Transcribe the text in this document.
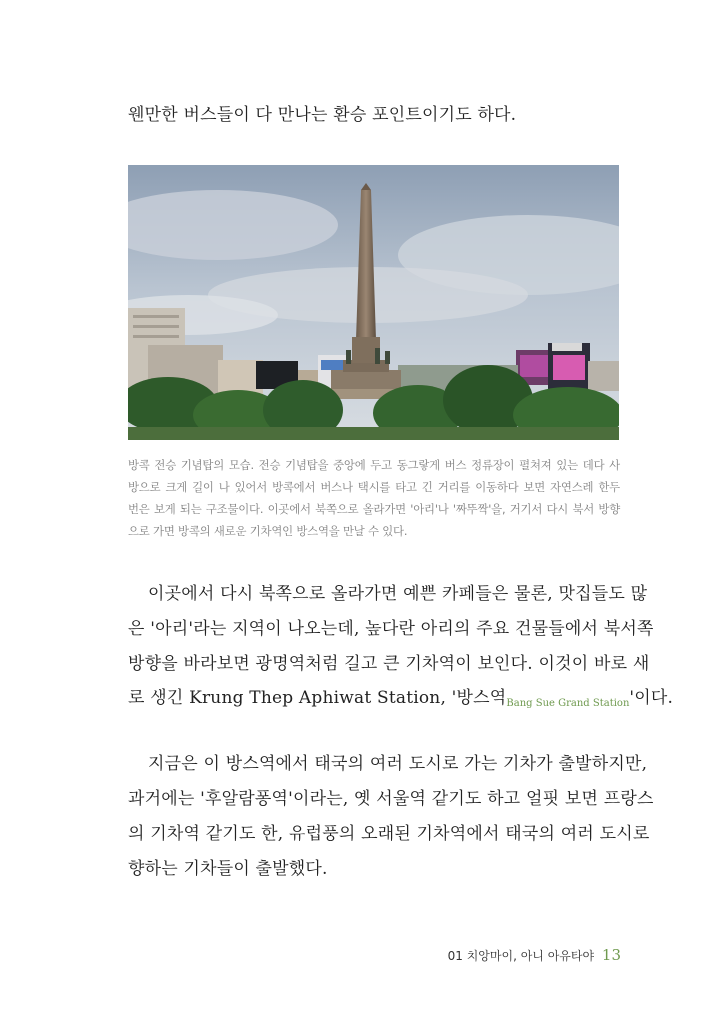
웬만한 버스들이 다 만나는 환승 포인트이기도 하다.

방콕 전승 기념탑의 모습. 전승 기념탑을 중앙에 두고 동그랗게 버스 정류장이 펼쳐져 있는 데다 사

방으로 크게 길이 나 있어서 방콕에서 버스나 택시를 타고 긴 거리를 이동하다 보면 자연스레 한두

번은 보게 되는 구조물이다. 이곳에서 북쪽으로 올라가면 '아리'나 '짜뚜짝'을, 거기서 다시 북서 방향

으로 가면 방콕의 새로운 기차역인 방스역을 만날 수 있다.

이곳에서 다시 북쪽으로 올라가면 예쁜 카페들은 물론, 맛집들도 많

은 '아리'라는 지역이 나오는데, 높다란 아리의 주요 건물들에서 북서쪽

방향을 바라보면 광명역처럼 길고 큰 기차역이 보인다. 이것이 바로 새

로 생긴 Krung Thep Aphiwat Station, '방스역$_{Bang Sue Grand Station}$'이다.

지금은 이 방스역에서 태국의 여러 도시로 가는 기차가 출발하지만,

과거에는 '후알람퐁역'이라는, 옛 서울역 같기도 하고 얼핏 보면 프랑스

의 기차역 같기도 한, 유럽풍의 오래된 기차역에서 태국의 여러 도시로

향하는 기차들이 출발했다.

01 치앙마이, 아니 아유타야 13
